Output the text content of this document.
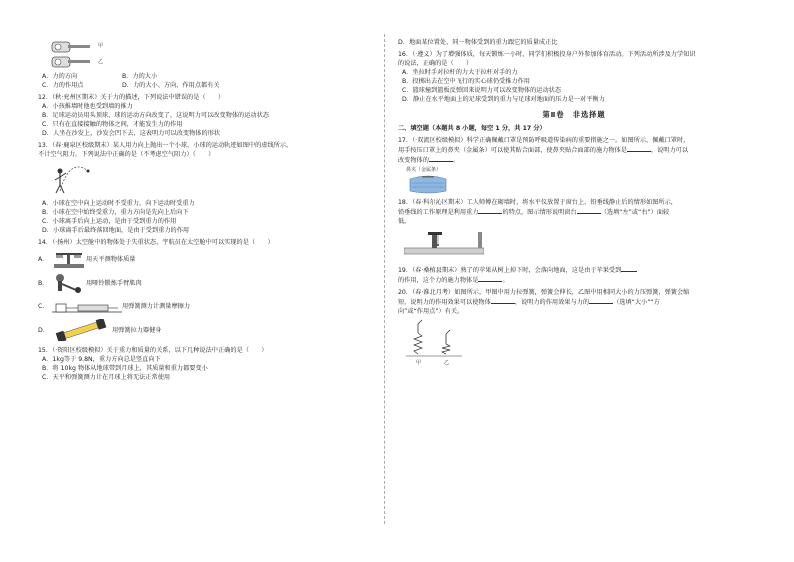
甲
乙
A．力的方向	B．力的大小
C．力的作用点	D．力的大小、方向、作用点都有关
12．（秋·兖州区期末）关于力的描述，下列说法中错误的是（　　）
A．小孩推墙时他也受到墙的推力
B．足球运动员用头顶球，球的运动方向改变了，这说明力可以改变物体的运动状态
C．只有在直接接触的物体之间，才能发生力的作用
D．人坐在沙发上，沙发会凹下去，这表明力可以改变物体的形状
13．（春·鹿泉区校级期末）某人用力向上抛出一个小球，小球的运动轨迹如图中的虚线所示，
不计空气阻力。下列说法中正确的是（不考虑空气阻力）（　　）
A．小球在空中向上运动时不受重力，向下运动时受重力
B．小球在空中始终受重力，重力方向是先向上后向下
C．小球离手后向上运动，是由于受到重力的作用
D．小球离手后最终落回地面，是由于受到重力的作用
14．（·扬州）太空舱中的物体处于失重状态，宇航员在太空舱中可以实现的是（　　）
A．	用天平测物体质量
B．	用哑铃锻炼手臂肌肉
C．	用弹簧测力计测量摩擦力
D．	用弹簧拉力器健身
15．（·资阳区校级模拟）关于重力和质量的关系，以下几种说法中正确的是（　　）
A．1kg等于 9.8N，重力方向总是竖直向下
B．将 10kg 物体从地球带到月球上，其质量和重力都要变小
C．天平和弹簧测力计在月球上将无法正常使用
D．地面某位置处，同一物体受到的重力跟它的质量成正比
16．（·遵义）为了增强体质，每天锻炼一小时，同学们积极投身户外参加体育活动。下列活动所涉及力学知识
的说法，正确的是（　　）
A．坐拉时手对拉杆的力大于拉杆对手的力
B．投掷出去在空中飞行的实心球仍受推力作用
C．篮球撞到篮板反弹回来说明力可以改变物体的运动状态
D．静止在水平地面上的足球受到的重力与足球对地面的压力是一对平衡力
第Ⅱ卷　非选择题
二、填空题（本题共 8 小题，每空 1 分，共 17 分）
17．（·双流区校级模拟）科学正确佩戴口罩是预防呼吸道传染病的重要措施之一。如图所示，佩戴口罩时，
用手按压口罩上的鼻夹（金属条）可以使其贴合面部，使鼻夹贴合面部的施力物体是	，说明力可以
改变物体的	。
鼻夹（金属条）
18．（春·科尔沁区期末）工人师傅在砌墙时，将水平仪放置于窗台上，铅垂线静止后的情形如图所示，
铅垂线的工作原理是利用重力	的特点，图示情形说明窗台	（选填“左”或“右”）面较
低。
19．（春·桑植县期末）熟了的苹果从树上掉下时，会落向地面，这是由于苹果受到
的作用，这个力的施力物体是	。
20．（春·淮北月考）如图所示，甲图中用力拉弹簧，弹簧会伸长，乙图中用相同大小的力压弹簧，弹簧会缩
短，说明力的作用效果可以使物体	，说明力的作用效果与力的	（选填“大小”“方
向”或“作用点”）有关。
甲	乙
